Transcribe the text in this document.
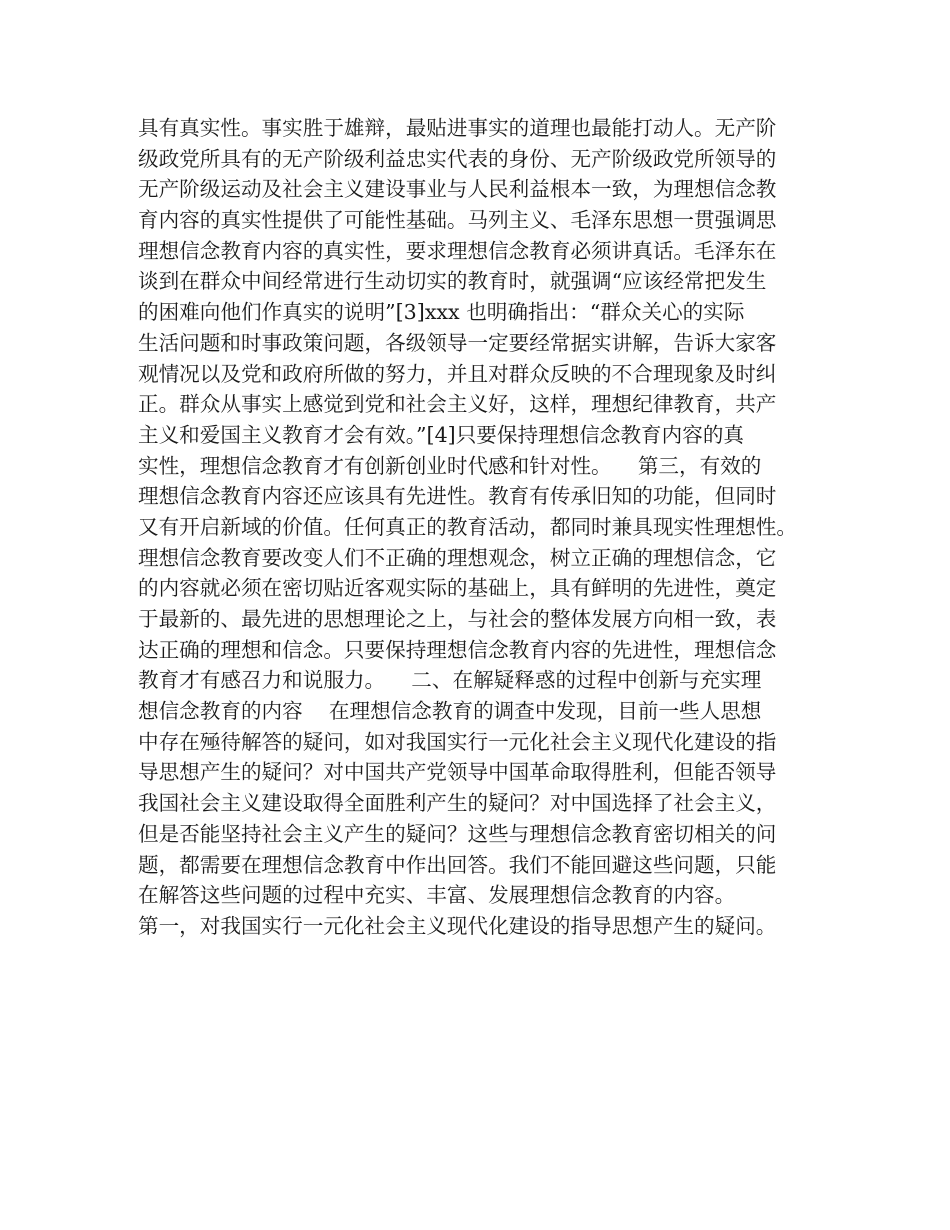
具有真实性。事实胜于雄辩，最贴进事实的道理也最能打动人。无产阶
级政党所具有的无产阶级利益忠实代表的身份、无产阶级政党所领导的
无产阶级运动及社会主义建设事业与人民利益根本一致，为理想信念教
育内容的真实性提供了可能性基础。马列主义、毛泽东思想一贯强调思
理想信念教育内容的真实性，要求理想信念教育必须讲真话。毛泽东在
谈到在群众中间经常进行生动切实的教育时，就强调“应该经常把发生
的困难向他们作真实的说明”[3]xxx 也明确指出：“群众关心的实际
生活问题和时事政策问题，各级领导一定要经常据实讲解，告诉大家客
观情况以及党和政府所做的努力，并且对群众反映的不合理现象及时纠
正。群众从事实上感觉到党和社会主义好，这样，理想纪律教育，共产
主义和爱国主义教育才会有效。”[4]只要保持理想信念教育内容的真
实性，理想信念教育才有创新创业时代感和针对性。    第三，有效的
理想信念教育内容还应该具有先进性。教育有传承旧知的功能，但同时
又有开启新域的价值。任何真正的教育活动，都同时兼具现实性理想性。
理想信念教育要改变人们不正确的理想观念，树立正确的理想信念，它
的内容就必须在密切贴近客观实际的基础上，具有鲜明的先进性，奠定
于最新的、最先进的思想理论之上，与社会的整体发展方向相一致，表
达正确的理想和信念。只要保持理想信念教育内容的先进性，理想信念
教育才有感召力和说服力。    二、在解疑释惑的过程中创新与充实理
想信念教育的内容    在理想信念教育的调查中发现，目前一些人思想
中存在殛待解答的疑问，如对我国实行一元化社会主义现代化建设的指
导思想产生的疑问？对中国共产党领导中国革命取得胜利，但能否领导
我国社会主义建设取得全面胜利产生的疑问？对中国选择了社会主义，
但是否能坚持社会主义产生的疑问？这些与理想信念教育密切相关的问
题，都需要在理想信念教育中作出回答。我们不能回避这些问题，只能
在解答这些问题的过程中充实、丰富、发展理想信念教育的内容。
第一，对我国实行一元化社会主义现代化建设的指导思想产生的疑问。
